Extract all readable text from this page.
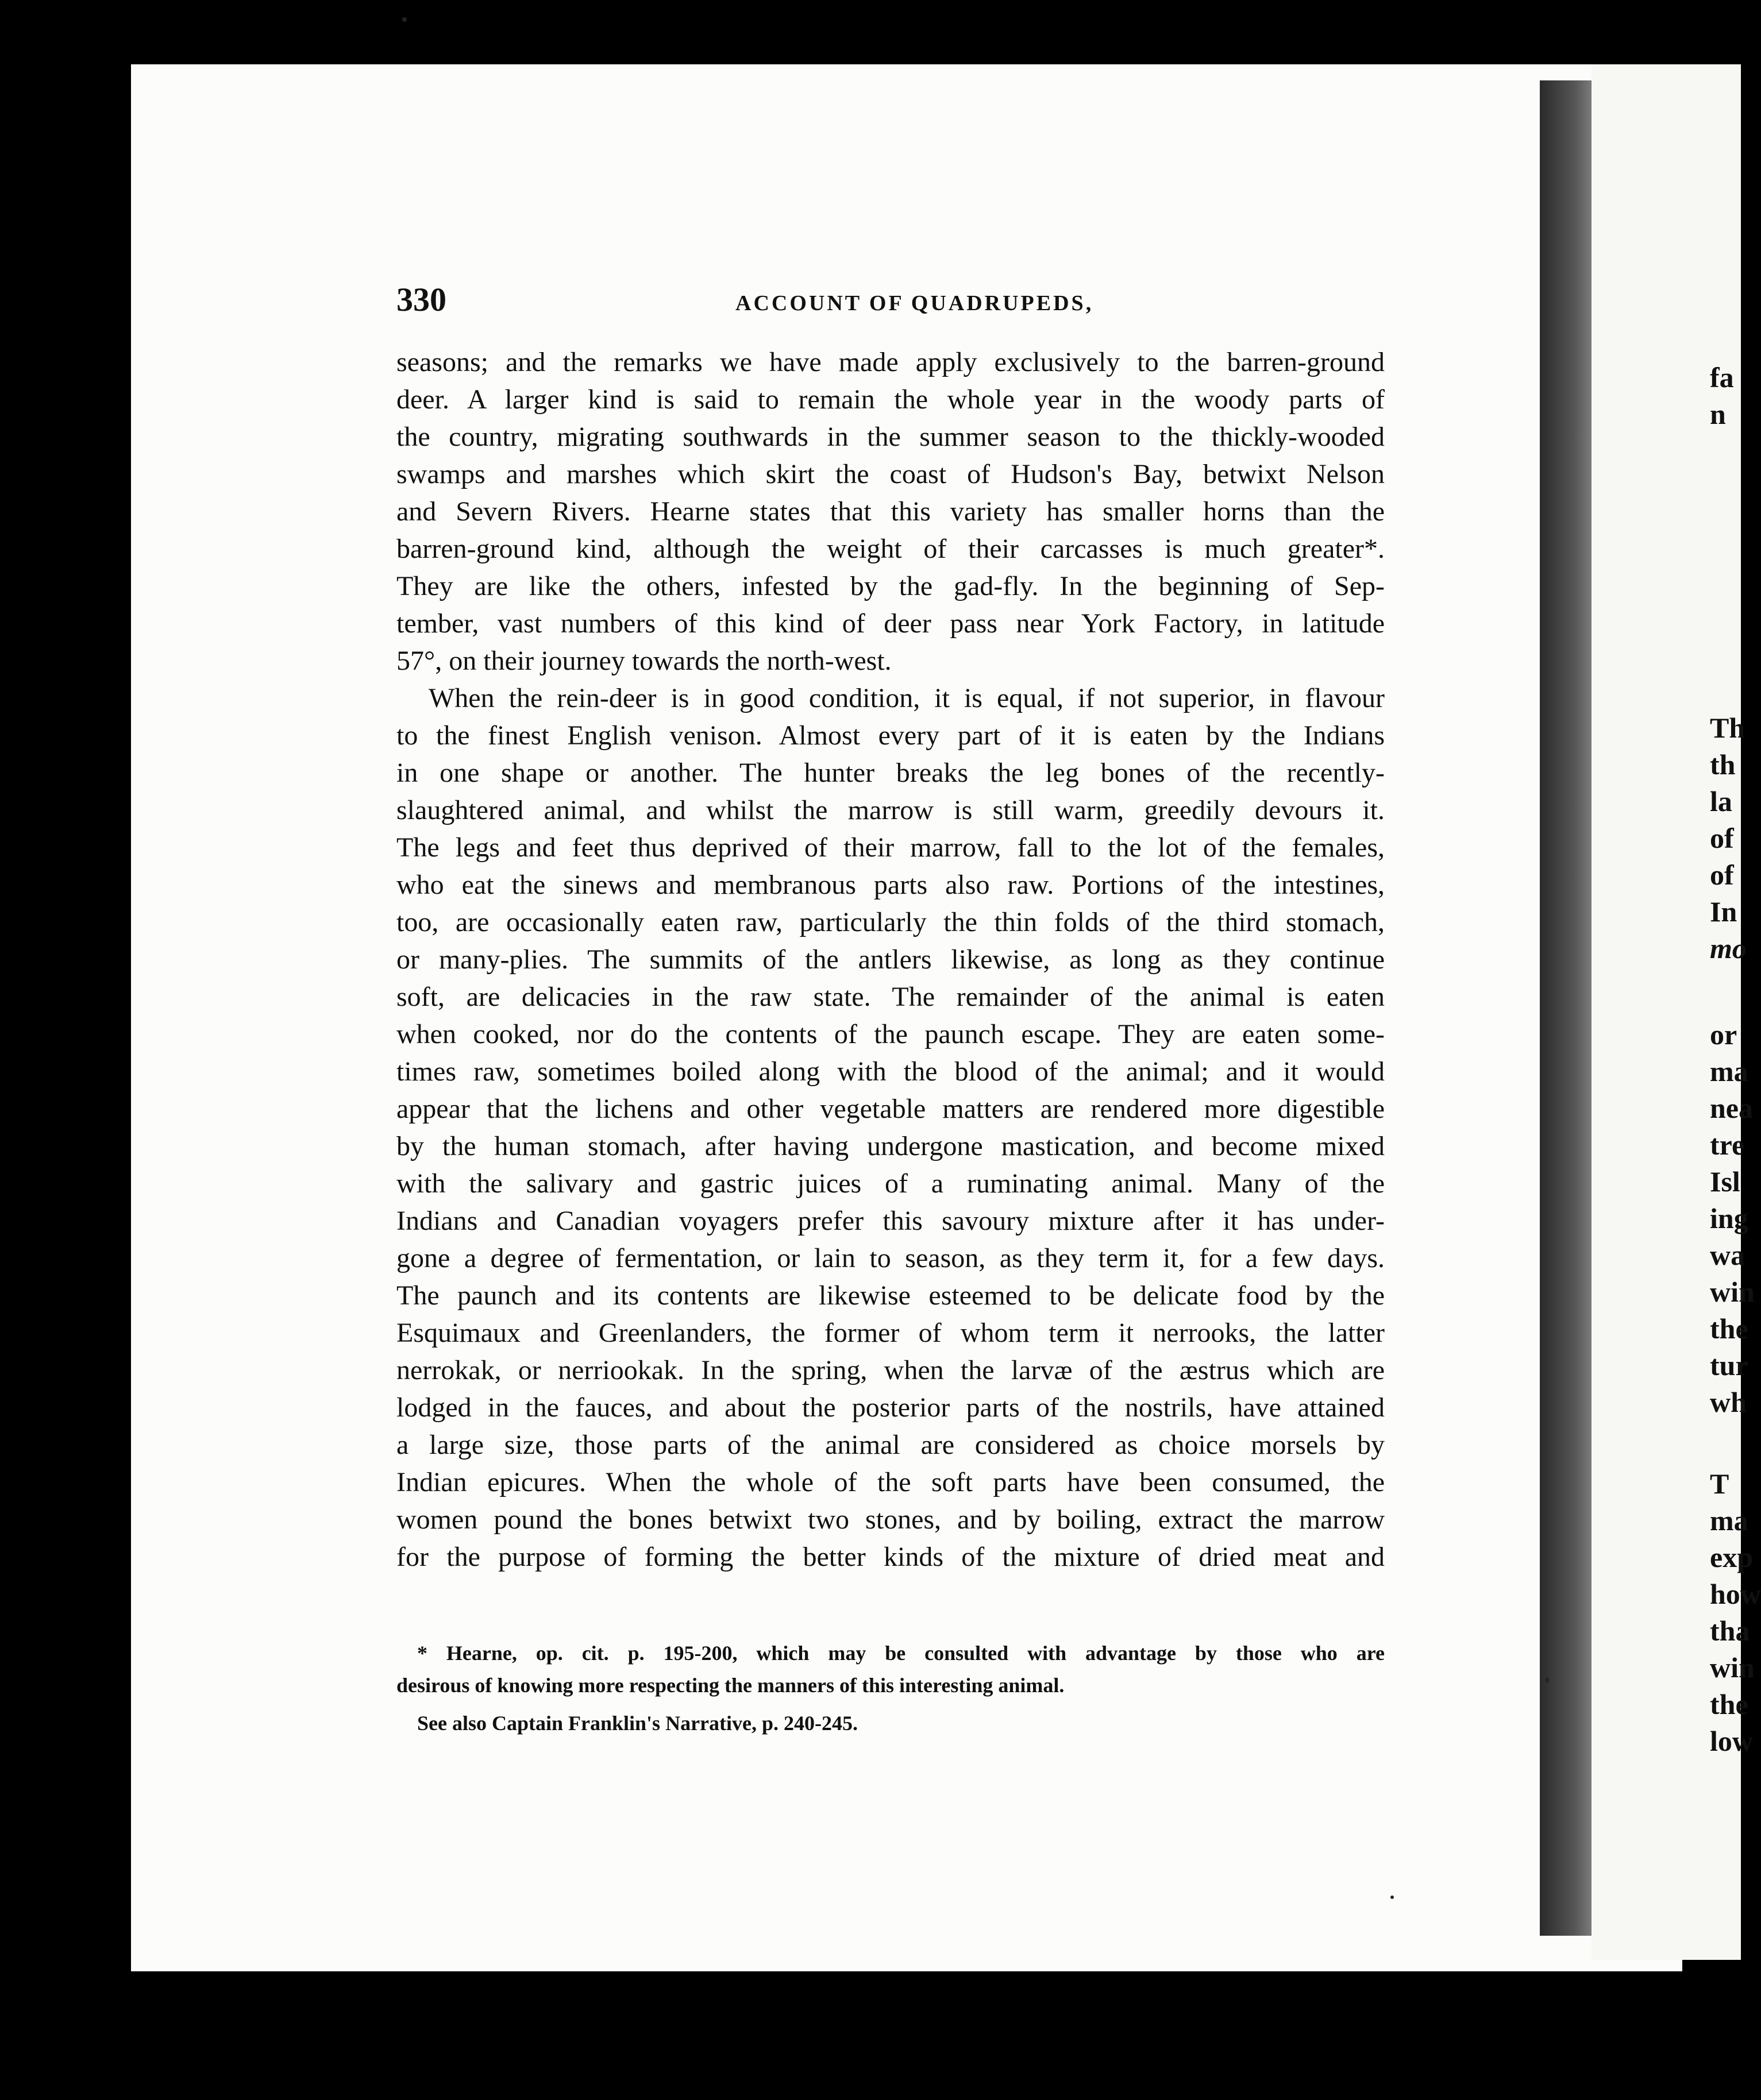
fa
n
Th
th
la
of
of
In
mo
or
ma
nea
tre
Isl
ing
wa
win
the
tur
wh
T
ma
exp
how
tha
win
the
low
330	ACCOUNT OF QUADRUPEDS,
seasons; and the remarks we have made apply exclusively to the barren-ground
deer. A larger kind is said to remain the whole year in the woody parts of
the country, migrating southwards in the summer season to the thickly-wooded
swamps and marshes which skirt the coast of Hudson's Bay, betwixt Nelson
and Severn Rivers. Hearne states that this variety has smaller horns than the
barren-ground kind, although the weight of their carcasses is much greater*.
They are like the others, infested by the gad-fly. In the beginning of Sep-
tember, vast numbers of this kind of deer pass near York Factory, in latitude
57°, on their journey towards the north-west.
When the rein-deer is in good condition, it is equal, if not superior, in flavour
to the finest English venison. Almost every part of it is eaten by the Indians
in one shape or another. The hunter breaks the leg bones of the recently-
slaughtered animal, and whilst the marrow is still warm, greedily devours it.
The legs and feet thus deprived of their marrow, fall to the lot of the females,
who eat the sinews and membranous parts also raw. Portions of the intestines,
too, are occasionally eaten raw, particularly the thin folds of the third stomach,
or many-plies. The summits of the antlers likewise, as long as they continue
soft, are delicacies in the raw state. The remainder of the animal is eaten
when cooked, nor do the contents of the paunch escape. They are eaten some-
times raw, sometimes boiled along with the blood of the animal; and it would
appear that the lichens and other vegetable matters are rendered more digestible
by the human stomach, after having undergone mastication, and become mixed
with the salivary and gastric juices of a ruminating animal. Many of the
Indians and Canadian voyagers prefer this savoury mixture after it has under-
gone a degree of fermentation, or lain to season, as they term it, for a few days.
The paunch and its contents are likewise esteemed to be delicate food by the
Esquimaux and Greenlanders, the former of whom term it nerrooks, the latter
nerrokak, or nerriookak. In the spring, when the larvæ of the æstrus which are
lodged in the fauces, and about the posterior parts of the nostrils, have attained
a large size, those parts of the animal are considered as choice morsels by
Indian epicures. When the whole of the soft parts have been consumed, the
women pound the bones betwixt two stones, and by boiling, extract the marrow
for the purpose of forming the better kinds of the mixture of dried meat and
* Hearne, op. cit. p. 195-200, which may be consulted with advantage by those who are
desirous of knowing more respecting the manners of this interesting animal.
See also Captain Franklin's Narrative, p. 240-245.
